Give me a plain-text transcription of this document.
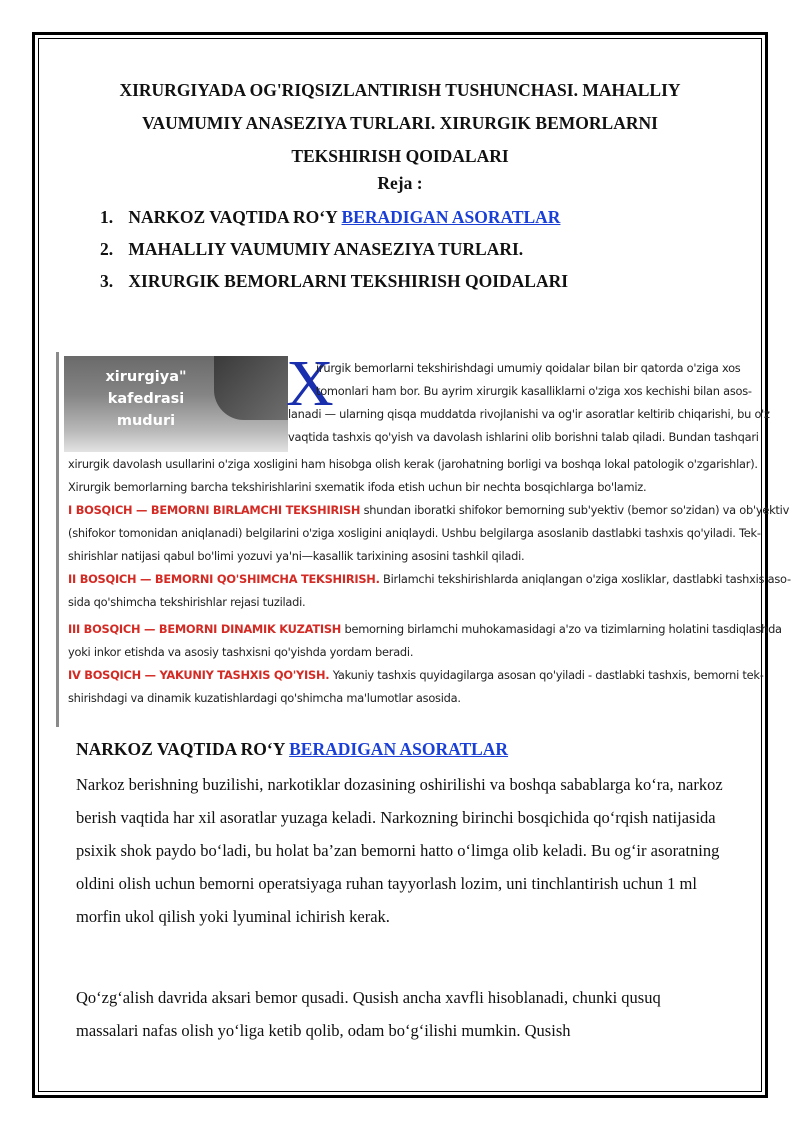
XIRURGIYADA OG'RIQSIZLANTIRISH TUSHUNCHASI. MAHALLIY
VAUMUMIY ANASEZIYA TURLARI. XIRURGIK BEMORLARNI
TEKSHIRISH QOIDALARI
Reja :
1. NARKOZ VAQTIDA RO‘Y BERADIGAN ASORATLAR
2. MAHALLIY VAUMUMIY ANASEZIYA TURLARI.
3. XIRURGIK BEMORLARNI TEKSHIRISH QOIDALARI
xirurgiya" kafedrasi
muduri
X
irurgik bemorlarni tekshirishdagi umumiy qoidalar bilan bir qatorda o'ziga xos
tomonlari ham bor. Bu ayrim xirurgik kasalliklarni o'ziga xos kechishi bilan asos-
lanadi — ularning qisqa muddatda rivojlanishi va og'ir asoratlar keltirib chiqarishi, bu o'z
vaqtida tashxis qo'yish va davolash ishlarini olib borishni talab qiladi. Bundan tashqari
xirurgik davolash usullarini o'ziga xosligini ham hisobga olish kerak (jarohatning borligi va boshqa lokal patologik o'zgarishlar).
Xirurgik bemorlarning barcha tekshirishlarini sxematik ifoda etish uchun bir nechta bosqichlarga bo'lamiz.
I BOSQICH — BEMORNI BIRLAMCHI TEKSHIRISH shundan iboratki shifokor bemorning sub'yektiv (bemor so'zidan) va ob'yektiv
(shifokor tomonidan aniqlanadi) belgilarini o'ziga xosligini aniqlaydi. Ushbu belgilarga asoslanib dastlabki tashxis qo'yiladi. Tek-
shirishlar natijasi qabul bo'limi yozuvi ya'ni—kasallik tarixining asosini tashkil qiladi.
II BOSQICH — BEMORNI QO'SHIMCHA TEKSHIRISH. Birlamchi tekshirishlarda aniqlangan o'ziga xosliklar, dastlabki tashxis aso-
sida qo'shimcha tekshirishlar rejasi tuziladi.
III BOSQICH — BEMORNI DINAMIK KUZATISH bemorning birlamchi muhokamasidagi a'zo va tizimlarning holatini tasdiqlashda
yoki inkor etishda va asosiy tashxisni qo'yishda yordam beradi.
IV BOSQICH — YAKUNIY TASHXIS QO'YISH. Yakuniy tashxis quyidagilarga asosan qo'yiladi - dastlabki tashxis, bemorni tek-
shirishdagi va dinamik kuzatishlardagi qo'shimcha ma'lumotlar asosida.
NARKOZ VAQTIDA RO‘Y BERADIGAN ASORATLAR

Narkoz berishning buzilishi, narkotiklar dozasining oshirilishi va boshqa sabablarga ko‘ra, narkoz berish vaqtida har xil asoratlar yuzaga keladi. Narkozning birinchi bosqichida qo‘rqish natijasida psixik shok paydo bo‘ladi, bu holat ba’zan bemorni hatto o‘limga olib keladi. Bu og‘ir asoratning oldini olish uchun bemorni operatsiyaga ruhan tayyorlash lozim, uni tinchlantirish uchun 1 ml morfin ukol qilish yoki lyuminal ichirish kerak.

Qo‘zg‘alish davrida aksari bemor qusadi. Qusish ancha xavfli hisoblanadi, chunki qusuq massalari nafas olish yo‘liga ketib qolib, odam bo‘g‘ilishi mumkin. Qusish
